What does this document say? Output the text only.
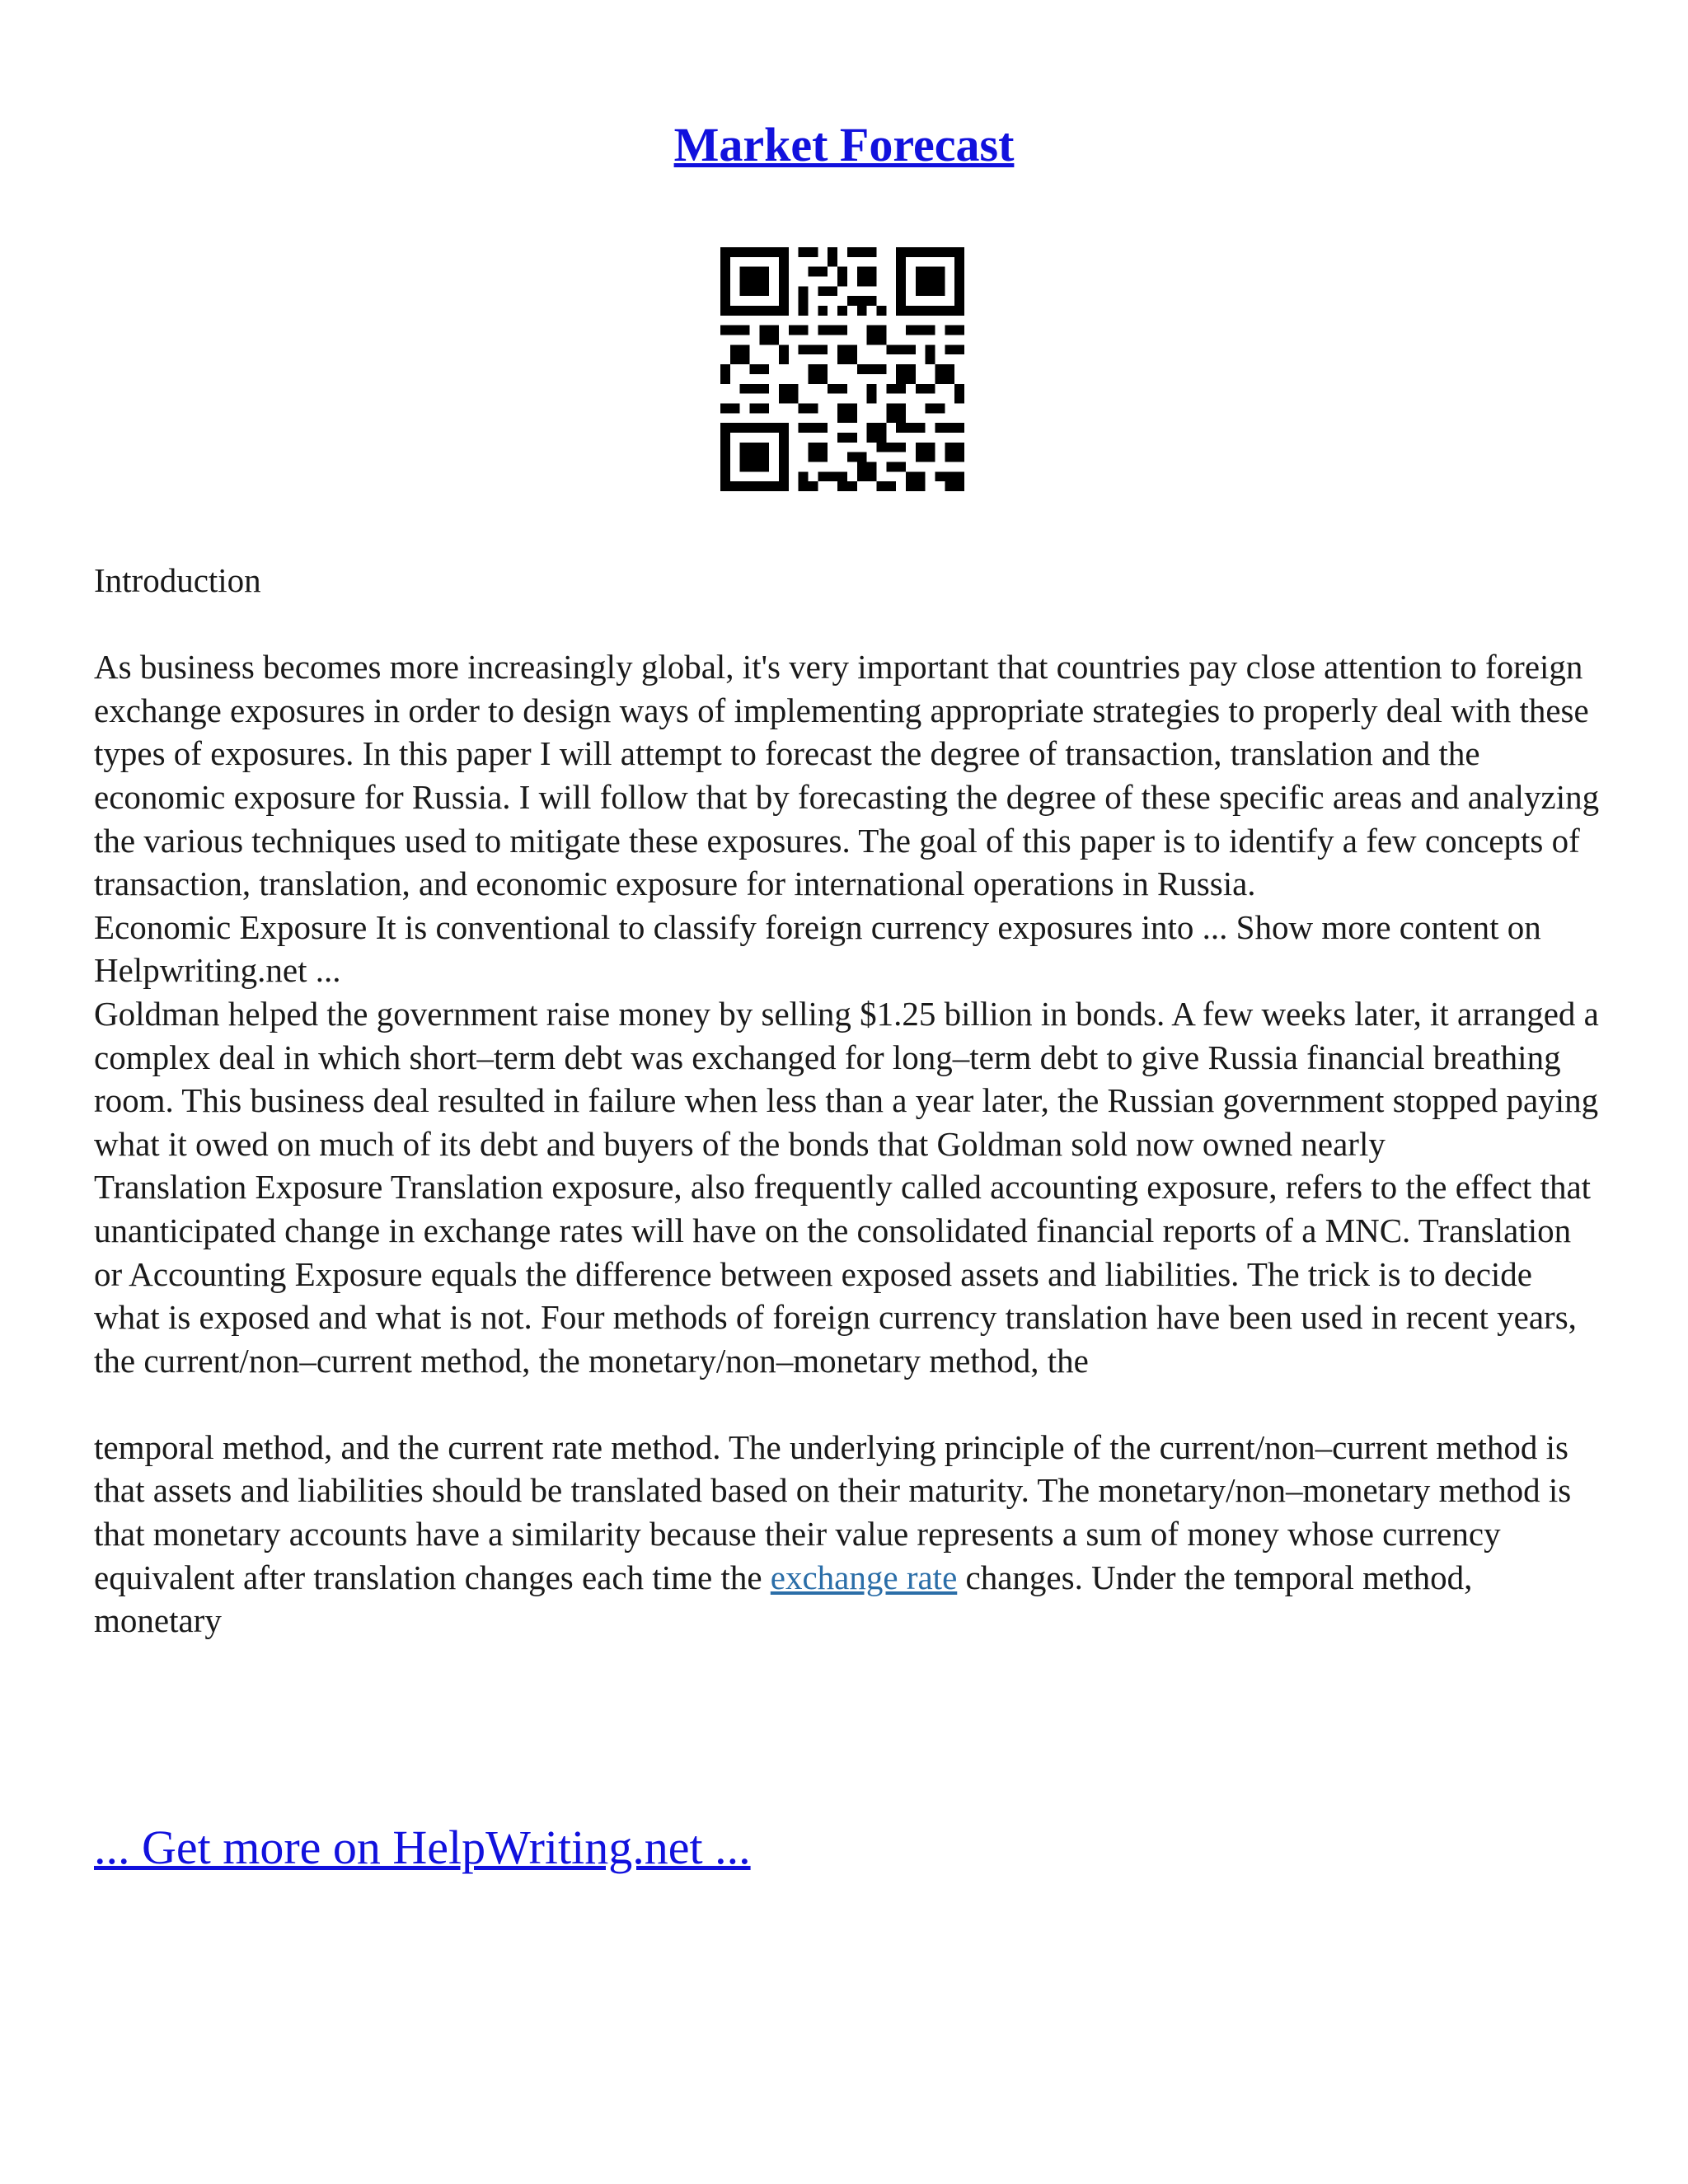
Market Forecast

Introduction

As business becomes more increasingly global, it's very important that countries pay close attention to foreign exchange exposures in order to design ways of implementing appropriate strategies to properly deal with these types of exposures. In this paper I will attempt to forecast the degree of transaction, translation and the economic exposure for Russia. I will follow that by forecasting the degree of these specific areas and analyzing the various techniques used to mitigate these exposures. The goal of this paper is to identify a few concepts of transaction, translation, and economic exposure for international operations in Russia.

Economic Exposure It is conventional to classify foreign currency exposures into ... Show more content on Helpwriting.net ...

Goldman helped the government raise money by selling $1.25 billion in bonds. A few weeks later, it arranged a complex deal in which short–term debt was exchanged for long–term debt to give Russia financial breathing room. This business deal resulted in failure when less than a year later, the Russian government stopped paying what it owed on much of its debt and buyers of the bonds that Goldman sold now owned nearly

Translation Exposure Translation exposure, also frequently called accounting exposure, refers to the effect that unanticipated change in exchange rates will have on the consolidated financial reports of a MNC. Translation or Accounting Exposure equals the difference between exposed assets and liabilities. The trick is to decide what is exposed and what is not. Four methods of foreign currency translation have been used in recent years, the current/non–current method, the monetary/non–monetary method, the

temporal method, and the current rate method. The underlying principle of the current/non–current method is that assets and liabilities should be translated based on their maturity. The monetary/non–monetary method is that monetary accounts have a similarity because their value represents a sum of money whose currency equivalent after translation changes each time the exchange rate changes. Under the temporal method, monetary

... Get more on HelpWriting.net ...
